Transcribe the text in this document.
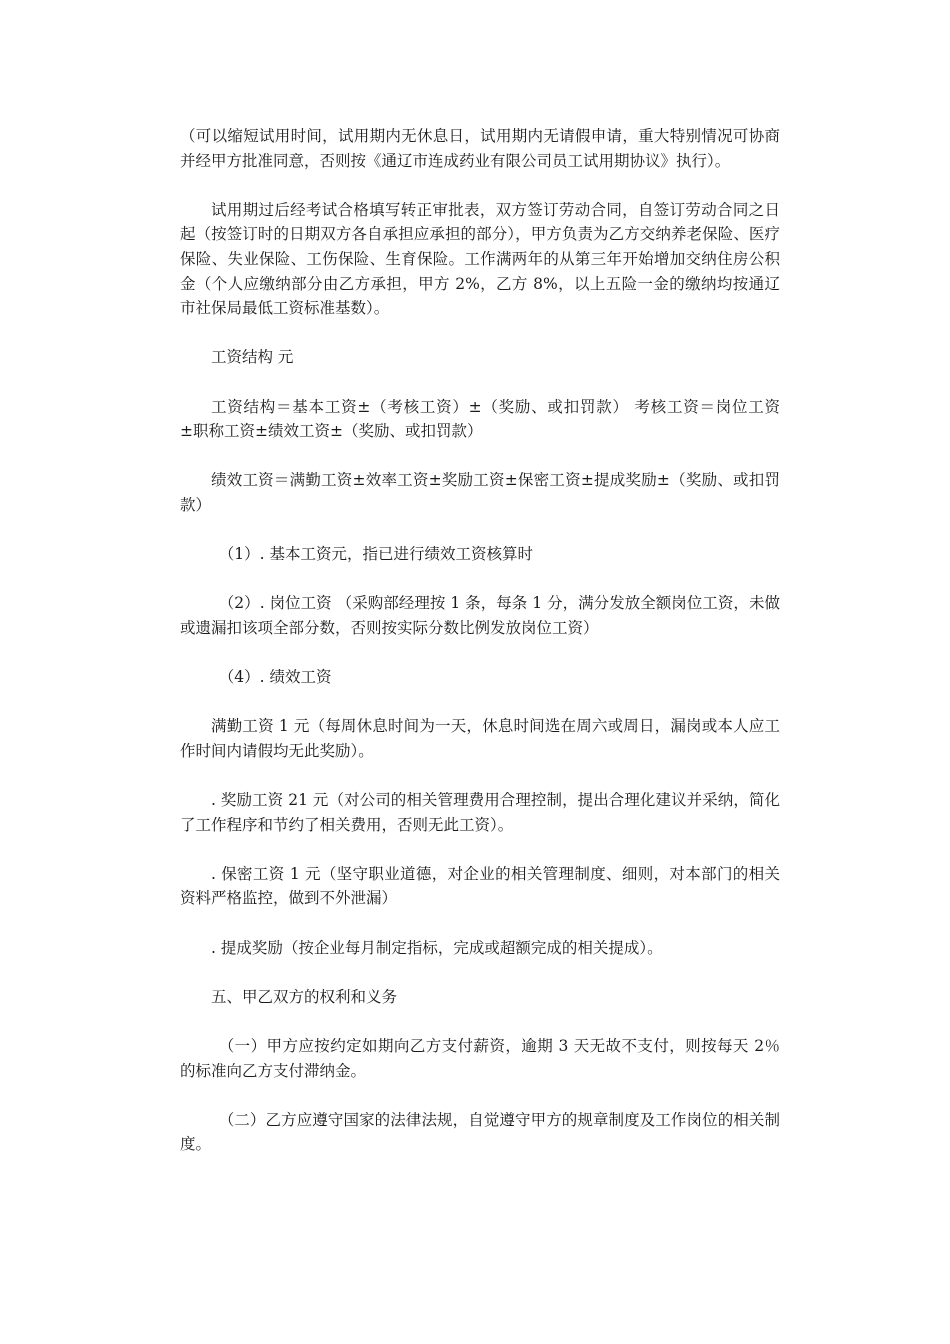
（可以缩短试用时间，试用期内无休息日，试用期内无请假申请，重大特别情况可协商并经甲方批准同意，否则按《通辽市连成药业有限公司员工试用期协议》执行）。

试用期过后经考试合格填写转正审批表，双方签订劳动合同，自签订劳动合同之日起（按签订时的日期双方各自承担应承担的部分），甲方负责为乙方交纳养老保险、医疗保险、失业保险、工伤保险、生育保险。工作满两年的从第三年开始增加交纳住房公积金（个人应缴纳部分由乙方承担，甲方 2%，乙方 8%，以上五险一金的缴纳均按通辽市社保局最低工资标准基数）。

工资结构 元

工资结构＝基本工资±（考核工资）±（奖励、或扣罚款） 考核工资＝岗位工资±职称工资±绩效工资±（奖励、或扣罚款）

绩效工资＝满勤工资±效率工资±奖励工资±保密工资±提成奖励±（奖励、或扣罚款）

（1）. 基本工资元，指已进行绩效工资核算时

（2）. 岗位工资 （采购部经理按 1 条，每条 1 分，满分发放全额岗位工资，未做或遗漏扣该项全部分数，否则按实际分数比例发放岗位工资）

（4）. 绩效工资

满勤工资 1 元（每周休息时间为一天，休息时间选在周六或周日，漏岗或本人应工作时间内请假均无此奖励）。

. 奖励工资 21 元（对公司的相关管理费用合理控制，提出合理化建议并采纳，简化了工作程序和节约了相关费用，否则无此工资）。

. 保密工资 1 元（坚守职业道德，对企业的相关管理制度、细则，对本部门的相关资料严格监控，做到不外泄漏）

. 提成奖励（按企业每月制定指标，完成或超额完成的相关提成）。

五、甲乙双方的权利和义务

（一）甲方应按约定如期向乙方支付薪资，逾期 3 天无故不支付，则按每天 2％的标准向乙方支付滞纳金。

（二）乙方应遵守国家的法律法规，自觉遵守甲方的规章制度及工作岗位的相关制度。
